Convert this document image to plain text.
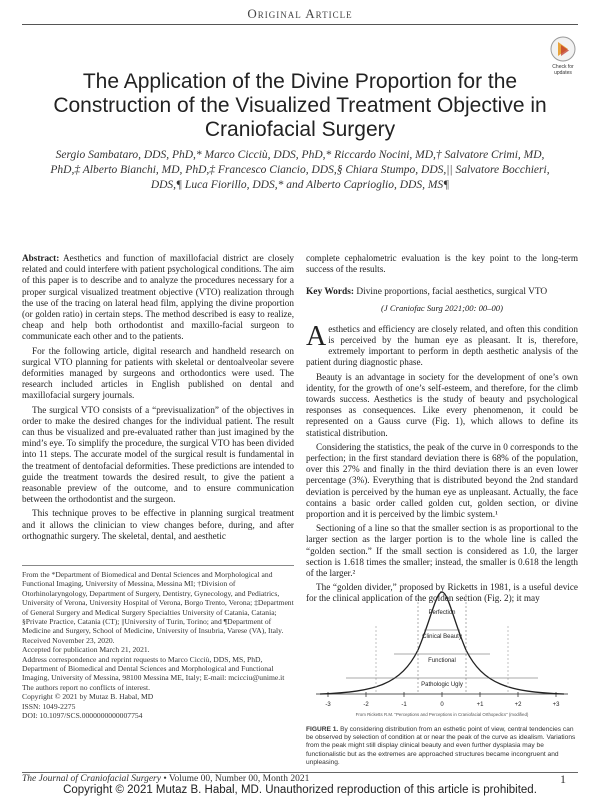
Original Article
Check for
updates
The Application of the Divine Proportion for the Construction of the Visualized Treatment Objective in Craniofacial Surgery

Sergio Sambataro, DDS, PhD,* Marco Cicciù, DDS, PhD,* Riccardo Nocini, MD,† Salvatore Crimi, MD, PhD,‡ Alberto Bianchi, MD, PhD,‡ Francesco Ciancio, DDS,§ Chiara Stumpo, DDS,|| Salvatore Bocchieri, DDS,¶ Luca Fiorillo, DDS,* and Alberto Caprioglio, DDS, MS¶

Abstract: Aesthetics and function of maxillofacial district are closely related and could interfere with patient psychological conditions. The aim of this paper is to describe and to analyze the procedures necessary for a proper surgical visualized treatment objective (VTO) realization through the use of the tracing on lateral head film, applying the divine proportion (or golden ratio) in certain steps. The method described is easy to realize, cheap and help both orthodontist and maxillo-facial surgeon to communicate each other and to the patients.

For the following article, digital research and handheld research on surgical VTO planning for patients with skeletal or dentoalveolar severe deformities managed by surgeons and orthodontics were used. The research included articles in English published on dental and maxillofacial surgery journals.

The surgical VTO consists of a “previsualization” of the objectives in order to make the desired changes for the individual patient. The result can thus be visualized and pre-evaluated rather than just imagined by the mind’s eye. To simplify the procedure, the surgical VTO has been divided into 11 steps. The accurate model of the surgical result is fundamental in the treatment of dentofacial deformities. These predictions are intended to guide the treatment towards the desired result, to give the patient a reasonable preview of the outcome, and to ensure communication between the orthodontist and the surgeon.

This technique proves to be effective in planning surgical treatment and it allows the clinician to view changes before, during, and after orthognathic surgery. The skeletal, dental, and aesthetic

From the *Department of Biomedical and Dental Sciences and Morphological and Functional Imaging, University of Messina, Messina MI; †Division of Otorhinolaryngology, Department of Surgery, Dentistry, Gynecology, and Pediatrics, University of Verona, University Hospital of Verona, Borgo Trento, Verona; ‡Department of General Surgery and Medical Surgery Specialties University of Catania, Catania; §Private Practice, Catania (CT); ||University of Turin, Torino; and ¶Department of Medicine and Surgery, School of Medicine, University of Insubria, Varese (VA), Italy.

Received November 23, 2020.

Accepted for publication March 21, 2021.

Address correspondence and reprint requests to Marco Cicciù, DDS, MS, PhD, Department of Biomedical and Dental Sciences and Morphological and Functional Imaging, University of Messina, 98100 Messina ME, Italy; E-mail: mcicciu@unime.it

The authors report no conflicts of interest.

Copyright © 2021 by Mutaz B. Habal, MD

ISSN: 1049-2275

DOI: 10.1097/SCS.0000000000007754

complete cephalometric evaluation is the key point to the long-term success of the results.

Key Words: Divine proportions, facial aesthetics, surgical VTO

(J Craniofac Surg 2021;00: 00–00)

Aesthetics and efficiency are closely related, and often this condition is perceived by the human eye as pleasant. It is, therefore, extremely important to perform in depth aesthetic analysis of the patient during diagnostic phase.

Beauty is an advantage in society for the development of one’s own identity, for the growth of one’s self-esteem, and therefore, for the climb towards success. Aesthetics is the study of beauty and psychological responses as consequences. Like every phenomenon, it could be represented on a Gauss curve (Fig. 1), which allows to define its statistical distribution.

Considering the statistics, the peak of the curve in 0 corresponds to the perfection; in the first standard deviation there is 68% of the population, over this 27% and finally in the third deviation there is an even lower percentage (3%). Everything that is distributed beyond the 2nd standard deviation is perceived by the human eye as unpleasant. Actually, the face contains a basic order called golden cut, golden section, or divine proportion and it is perceived by the limbic system.¹

Sectioning of a line so that the smaller section is as proportional to the larger section as the larger portion is to the whole line is called the “golden section.” If the small section is considered as 1.0, the larger section is 1.618 times the smaller; instead, the smaller is 0.618 the length of the larger.²

The “golden divider,” proposed by Ricketts in 1981, is a useful device for the clinical application of the golden section (Fig. 2); it may

Perfection
Clinical Beauty
Functional
Pathologic Ugly
-3	-2	-1	0	+1	+2	+3
From Ricketts R.M. "Perceptions and Perceptions in Craniofacial Orthopedics" (modified)
FIGURE 1. By considering distribution from an esthetic point of view, central tendencies can be observed by selection of condition at or near the peak of the curve as idealism. Variations from the peak might still display clinical beauty and even further dysplasia may be functionalistic but as the extremes are approached structures became incongruent and unpleasing.
The Journal of Craniofacial Surgery • Volume 00, Number 00, Month 2021	1
Copyright © 2021 Mutaz B. Habal, MD. Unauthorized reproduction of this article is prohibited.
